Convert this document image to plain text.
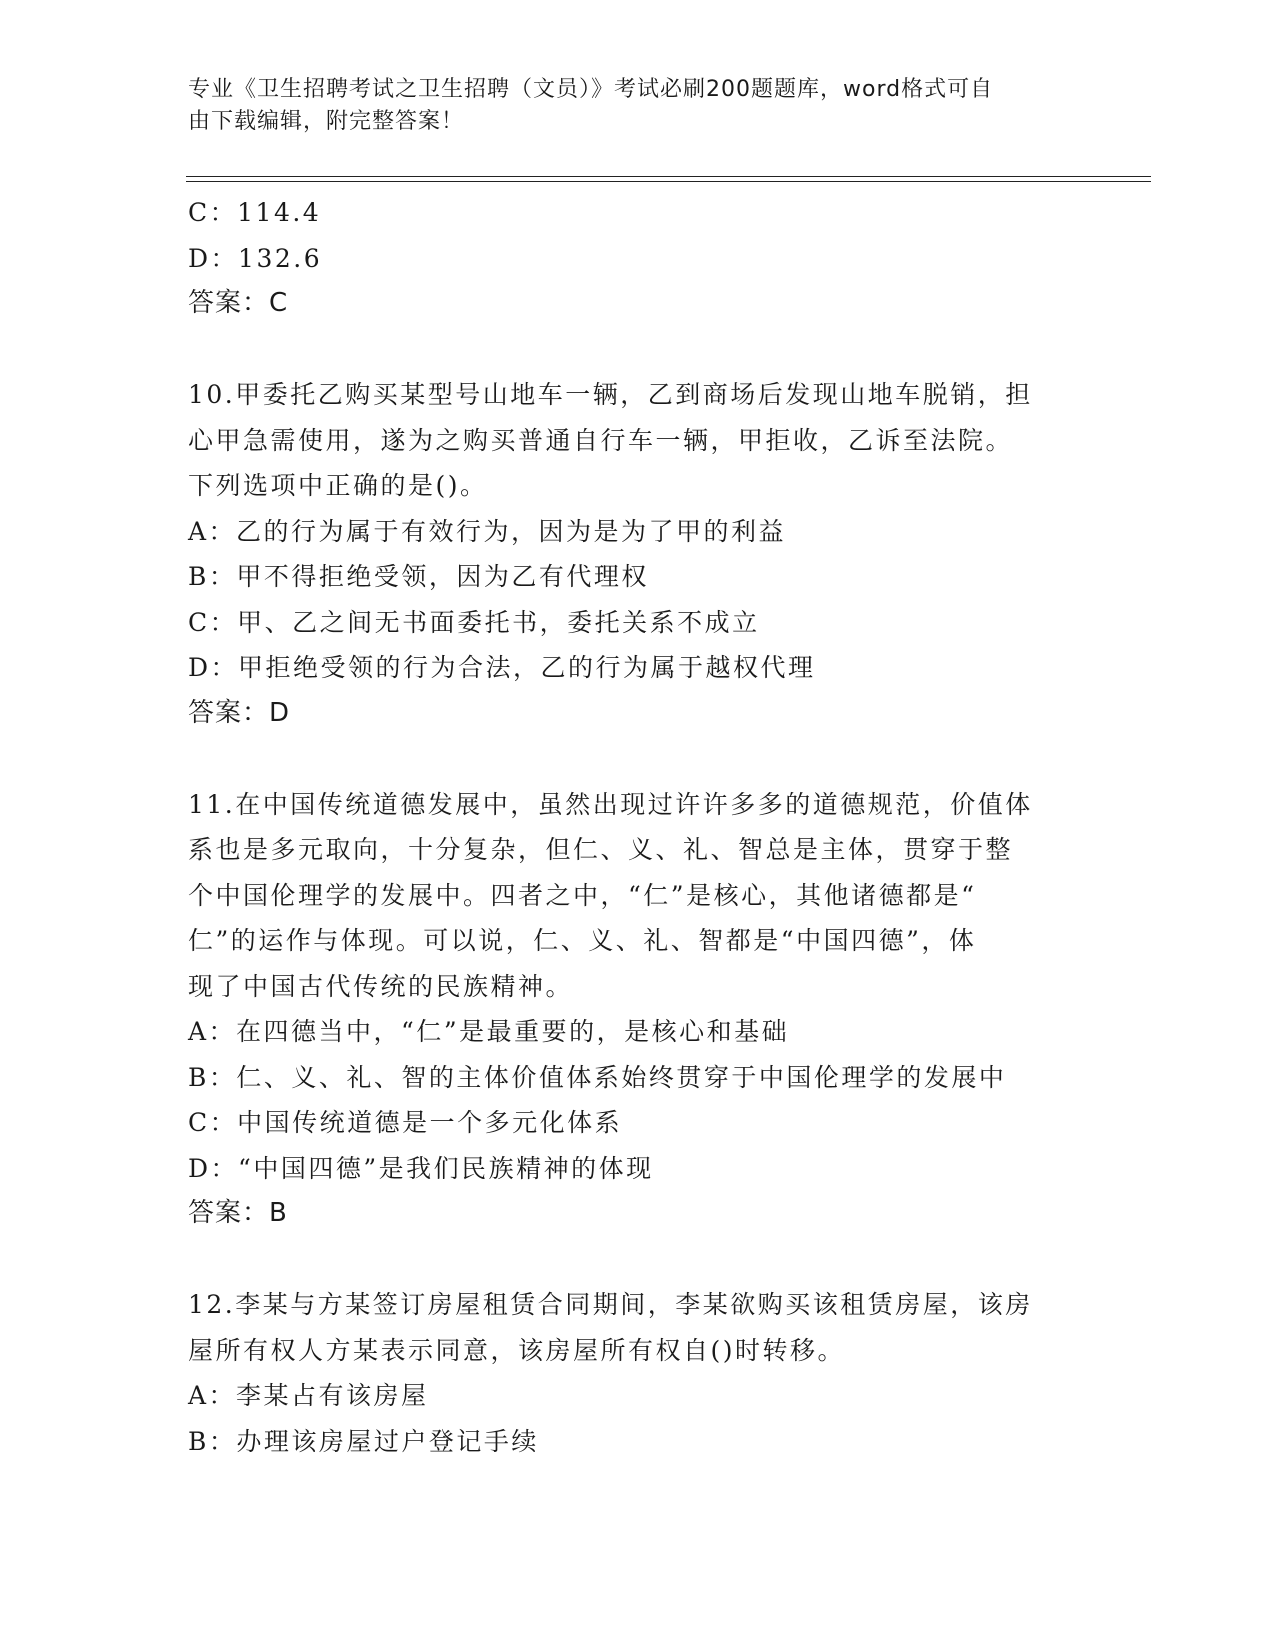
专业《卫生招聘考试之卫生招聘（文员）》考试必刷200题题库，word格式可自
由下载编辑，附完整答案！
C：114.4
D：132.6
答案：C
10.甲委托乙购买某型号山地车一辆，乙到商场后发现山地车脱销，担
心甲急需使用，遂为之购买普通自行车一辆，甲拒收，乙诉至法院。
下列选项中正确的是()。
A：乙的行为属于有效行为，因为是为了甲的利益
B：甲不得拒绝受领，因为乙有代理权
C：甲、乙之间无书面委托书，委托关系不成立
D：甲拒绝受领的行为合法，乙的行为属于越权代理
答案：D
11.在中国传统道德发展中，虽然出现过许许多多的道德规范，价值体
系也是多元取向，十分复杂，但仁、义、礼、智总是主体，贯穿于整
个中国伦理学的发展中。四者之中，“仁”是核心，其他诸德都是“
仁”的运作与体现。可以说，仁、义、礼、智都是“中国四德”，体
现了中国古代传统的民族精神。
A：在四德当中，“仁”是最重要的，是核心和基础
B：仁、义、礼、智的主体价值体系始终贯穿于中国伦理学的发展中
C：中国传统道德是一个多元化体系
D：“中国四德”是我们民族精神的体现
答案：B
12.李某与方某签订房屋租赁合同期间，李某欲购买该租赁房屋，该房
屋所有权人方某表示同意，该房屋所有权自()时转移。
A：李某占有该房屋
B：办理该房屋过户登记手续
